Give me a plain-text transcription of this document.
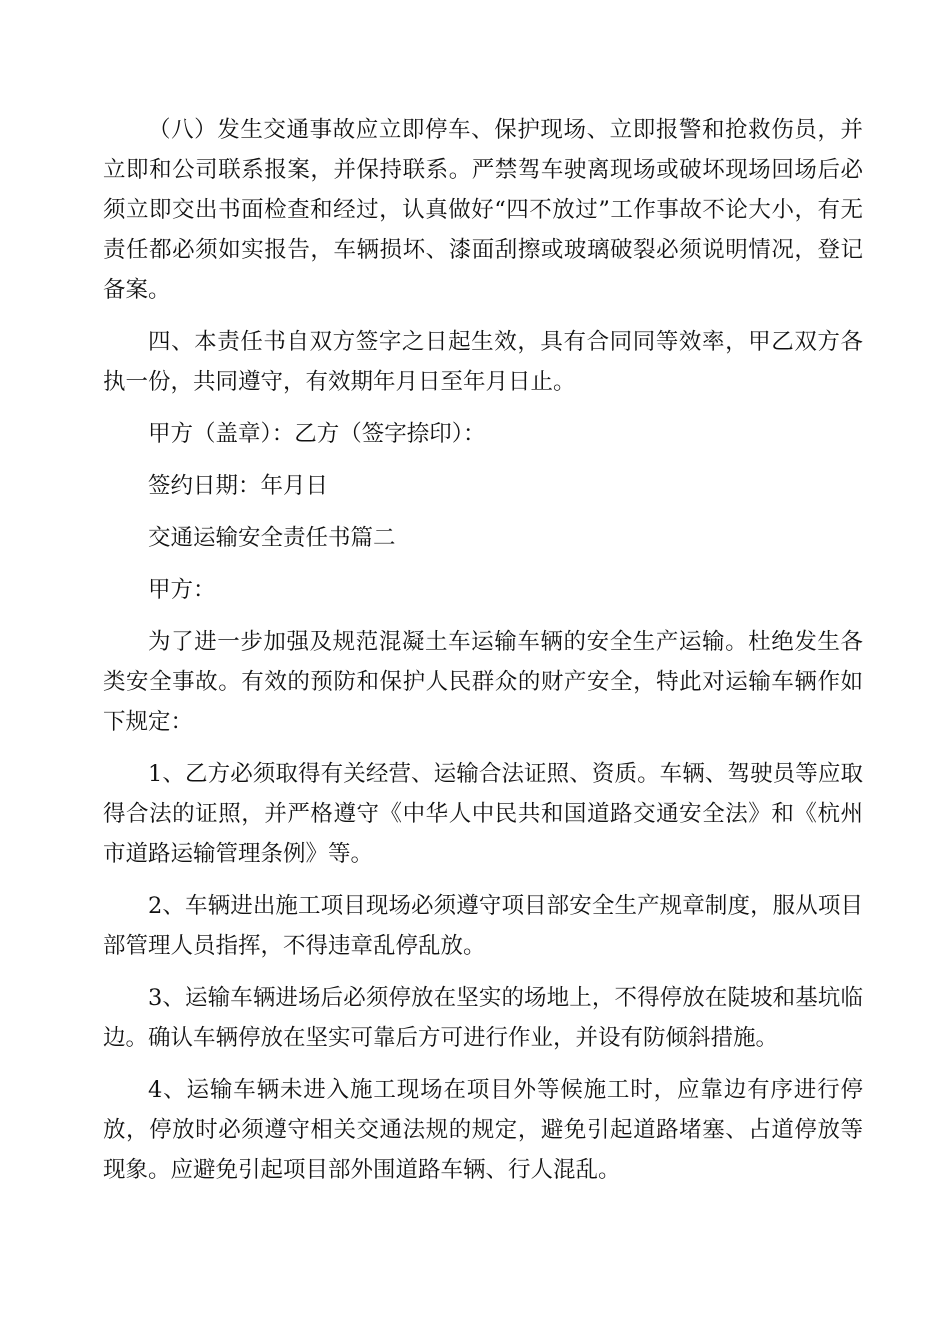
（八）发生交通事故应立即停车、保护现场、立即报警和抢救伤员，并立即和公司联系报案，并保持联系。严禁驾车驶离现场或破坏现场回场后必须立即交出书面检查和经过，认真做好“四不放过”工作事故不论大小，有无责任都必须如实报告，车辆损坏、漆面刮擦或玻璃破裂必须说明情况，登记备案。

四、本责任书自双方签字之日起生效，具有合同同等效率，甲乙双方各执一份，共同遵守，有效期年月日至年月日止。

甲方（盖章）：乙方（签字捺印）：

签约日期：年月日

交通运输安全责任书篇二

甲方：

为了进一步加强及规范混凝土车运输车辆的安全生产运输。杜绝发生各类安全事故。有效的预防和保护人民群众的财产安全，特此对运输车辆作如下规定：

1、乙方必须取得有关经营、运输合法证照、资质。车辆、驾驶员等应取得合法的证照，并严格遵守《中华人中民共和国道路交通安全法》和《杭州市道路运输管理条例》等。

2、车辆进出施工项目现场必须遵守项目部安全生产规章制度，服从项目部管理人员指挥，不得违章乱停乱放。

3、运输车辆进场后必须停放在坚实的场地上，不得停放在陡坡和基坑临边。确认车辆停放在坚实可靠后方可进行作业，并设有防倾斜措施。

4、运输车辆未进入施工现场在项目外等候施工时，应靠边有序进行停放，停放时必须遵守相关交通法规的规定，避免引起道路堵塞、占道停放等现象。应避免引起项目部外围道路车辆、行人混乱。
